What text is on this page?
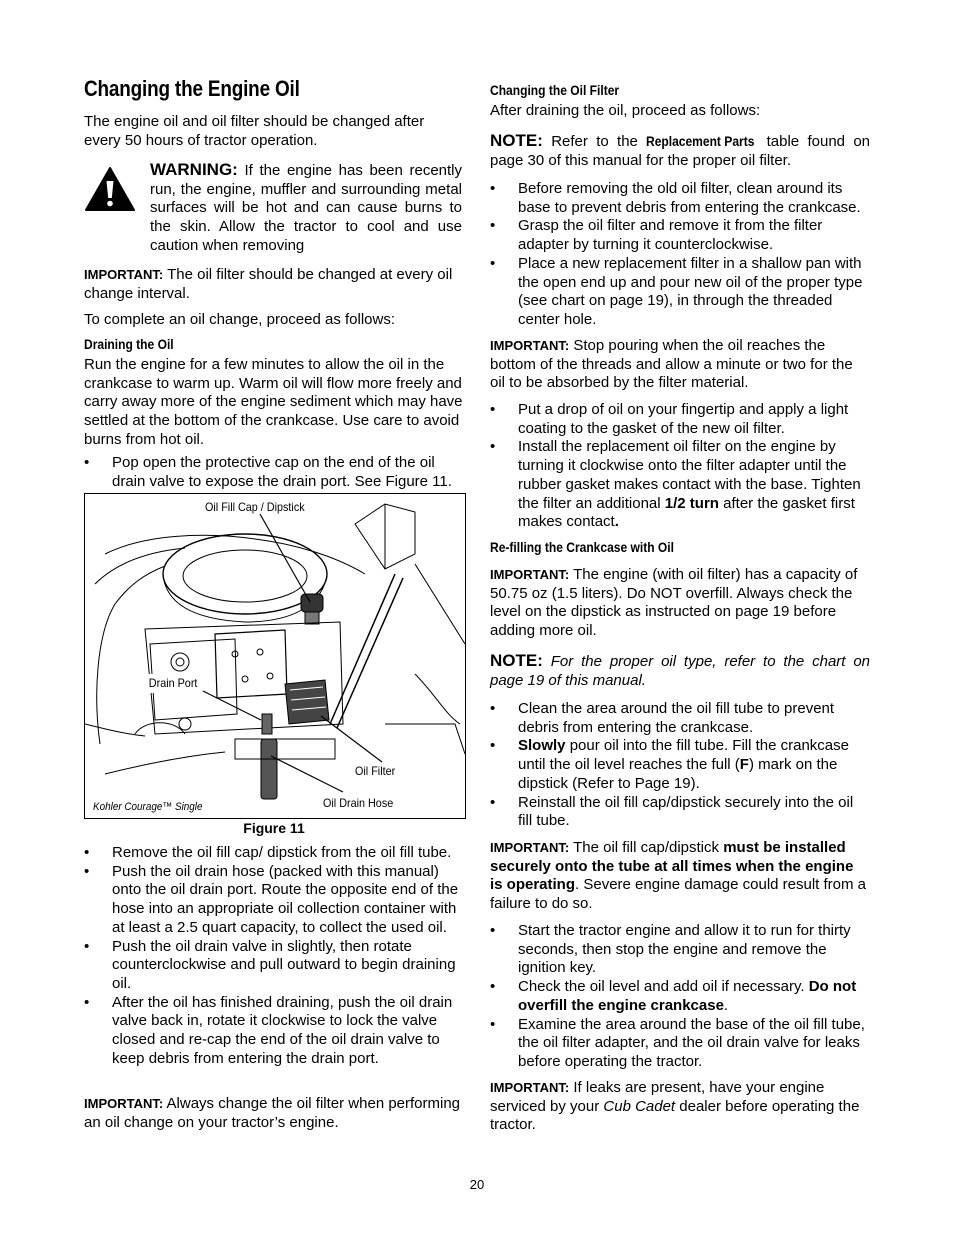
Changing the Engine Oil

The engine oil and oil filter should be changed after every 50 hours of tractor operation.

WARNING: If the engine has been recently run, the engine, muffler and surrounding metal surfaces will be hot and can cause burns to the skin. Allow the tractor to cool and use caution when removing

IMPORTANT: The oil filter should be changed at every oil change interval.

To complete an oil change, proceed as follows:

Draining the Oil

Run the engine for a few minutes to allow the oil in the crankcase to warm up. Warm oil will flow more freely and carry away more of the engine sediment which may have settled at the bottom of the crankcase. Use care to avoid burns from hot oil.

• Pop open the protective cap on the end of the oil drain valve to expose the drain port. See Figure 11.
Oil Fill Cap / Dipstick
Drain Port
Oil Filter
Oil Drain Hose
Kohler Courage™ Single
Figure 11
• Remove the oil fill cap/ dipstick from the oil fill tube.
• Push the oil drain hose (packed with this manual) onto the oil drain port. Route the opposite end of the hose into an appropriate oil collection container with at least a 2.5 quart capacity, to collect the used oil.
• Push the oil drain valve in slightly, then rotate counterclockwise and pull outward to begin draining oil.
• After the oil has finished draining, push the oil drain valve back in, rotate it clockwise to lock the valve closed and re-cap the end of the oil drain valve to keep debris from entering the drain port.

IMPORTANT: Always change the oil filter when performing an oil change on your tractor’s engine.

Changing the Oil Filter

After draining the oil, proceed as follows:

NOTE: Refer to the Replacement Parts table found on page 30 of this manual for the proper oil filter.

• Before removing the old oil filter, clean around its base to prevent debris from entering the crankcase.
• Grasp the oil filter and remove it from the filter adapter by turning it counterclockwise.
• Place a new replacement filter in a shallow pan with the open end up and pour new oil of the proper type (see chart on page 19), in through the threaded center hole.

IMPORTANT: Stop pouring when the oil reaches the bottom of the threads and allow a minute or two for the oil to be absorbed by the filter material.

• Put a drop of oil on your fingertip and apply a light coating to the gasket of the new oil filter.
• Install the replacement oil filter on the engine by turning it clockwise onto the filter adapter until the rubber gasket makes contact with the base. Tighten the filter an additional 1/2 turn after the gasket first makes contact.
Re-filling the Crankcase with Oil

IMPORTANT: The engine (with oil filter) has a capacity of 50.75 oz (1.5 liters). Do NOT overfill. Always check the level on the dipstick as instructed on page 19 before adding more oil.

NOTE: For the proper oil type, refer to the chart on page 19 of this manual.

• Clean the area around the oil fill tube to prevent debris from entering the crankcase.
• Slowly pour oil into the fill tube. Fill the crankcase until the oil level reaches the full (F) mark on the dipstick (Refer to Page 19).
• Reinstall the oil fill cap/dipstick securely into the oil fill tube.

IMPORTANT: The oil fill cap/dipstick must be installed securely onto the tube at all times when the engine is operating. Severe engine damage could result from a failure to do so.

• Start the tractor engine and allow it to run for thirty seconds, then stop the engine and remove the ignition key.
• Check the oil level and add oil if necessary. Do not overfill the engine crankcase.
• Examine the area around the base of the oil fill tube, the oil filter adapter, and the oil drain valve for leaks before operating the tractor.

IMPORTANT: If leaks are present, have your engine serviced by your Cub Cadet dealer before operating the tractor.

20
